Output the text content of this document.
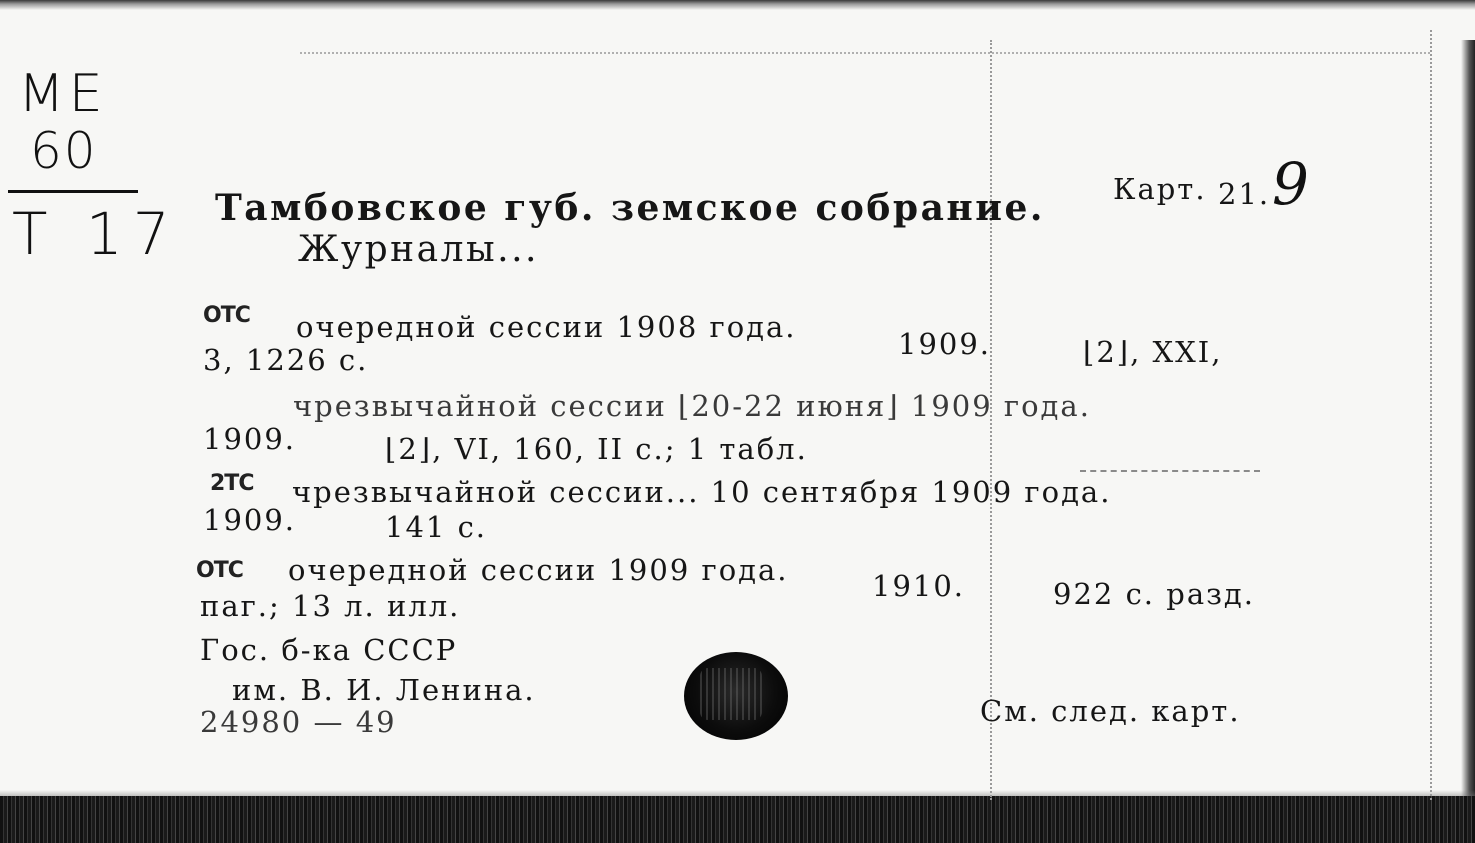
ME
60
T 17
Карт. 21. 9
Тамбовское губ. земское собрание.
Журналы...
OTC очередной сессии 1908 года.	1909.	⌊2⌋, XXI,
3, 1226 с.
чрезвычайной сессии ⌊20-22 июня⌋ 1909 года.
1909.	⌊2⌋, VI, 160, II с.; 1 табл.
2TC чрезвычайной сессии... 10 сентября 1909 года.
1909.	141 с.
OTC очередной сессии 1909 года.	1910.	922 с. разд.
паг.; 13 л. илл.
Гос. б-ка СССР
им. В. И. Ленина.
24980 — 49	См. след. карт.
